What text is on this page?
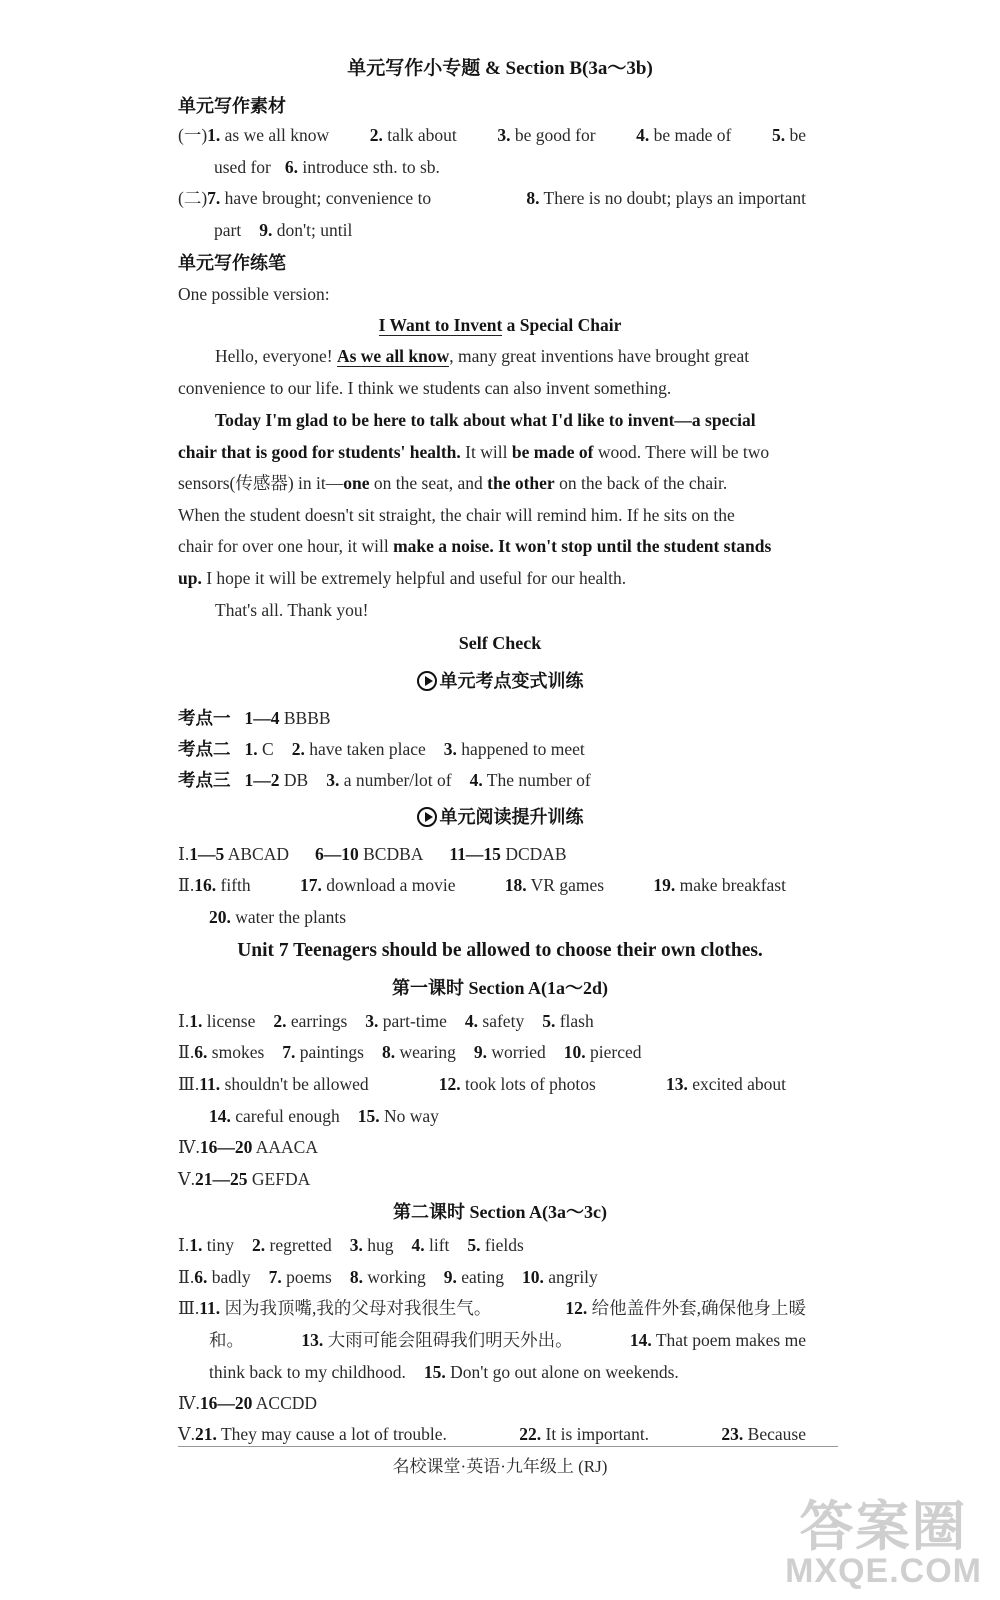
单元写作小专题 & Section B(3a～3b)
单元写作素材
(一)1. as we all know 2. talk about 3. be good for 4. be made of 5. be
used for 6. introduce sth. to sb.
(二)7. have brought; convenience to	8. There is no doubt; plays an important
part 9. don't; until
单元写作练笔
One possible version:
I Want to Invent a Special Chair
Hello, everyone! As we all know, many great inventions have brought great
convenience to our life. I think we students can also invent something.
Today I'm glad to be here to talk about what I'd like to invent—a special
chair that is good for students' health. It will be made of wood. There will be two
sensors(传感器) in it—one on the seat, and the other on the back of the chair.
When the student doesn't sit straight, the chair will remind him. If he sits on the
chair for over one hour, it will make a noise. It won't stop until the student stands
up. I hope it will be extremely helpful and useful for our health.
That's all. Thank you!
Self Check
单元考点变式训练
考点一 1—4 BBBB
考点二 1. C 2. have taken place 3. happened to meet
考点三 1—2 DB 3. a number/lot of 4. The number of
单元阅读提升训练
Ⅰ.1—5 ABCAD 6—10 BCDBA 11—15 DCDAB
Ⅱ.16. fifth	17. download a movie	18. VR games	19. make breakfast
20. water the plants
Unit 7 Teenagers should be allowed to choose their own clothes.
第一课时 Section A(1a～2d)
Ⅰ.1. license 2. earrings 3. part-time 4. safety 5. flash
Ⅱ.6. smokes 7. paintings 8. wearing 9. worried 10. pierced
Ⅲ.11. shouldn't be allowed	12. took lots of photos	13. excited about
14. careful enough 15. No way
Ⅳ.16—20 AAACA
Ⅴ.21—25 GEFDA
第二课时 Section A(3a～3c)
Ⅰ.1. tiny 2. regretted 3. hug 4. lift 5. fields
Ⅱ.6. badly 7. poems 8. working 9. eating 10. angrily
Ⅲ.11. 因为我顶嘴,我的父母对我很生气。	12. 给他盖件外套,确保他身上暖
和。	13. 大雨可能会阻碍我们明天外出。	14. That poem makes me
think back to my childhood. 15. Don't go out alone on weekends.
Ⅳ.16—20 ACCDD
Ⅴ.21. They may cause a lot of trouble.	22. It is important.	23. Because
名校课堂·英语·九年级上 (RJ)
答案圈
MXQE.COM
